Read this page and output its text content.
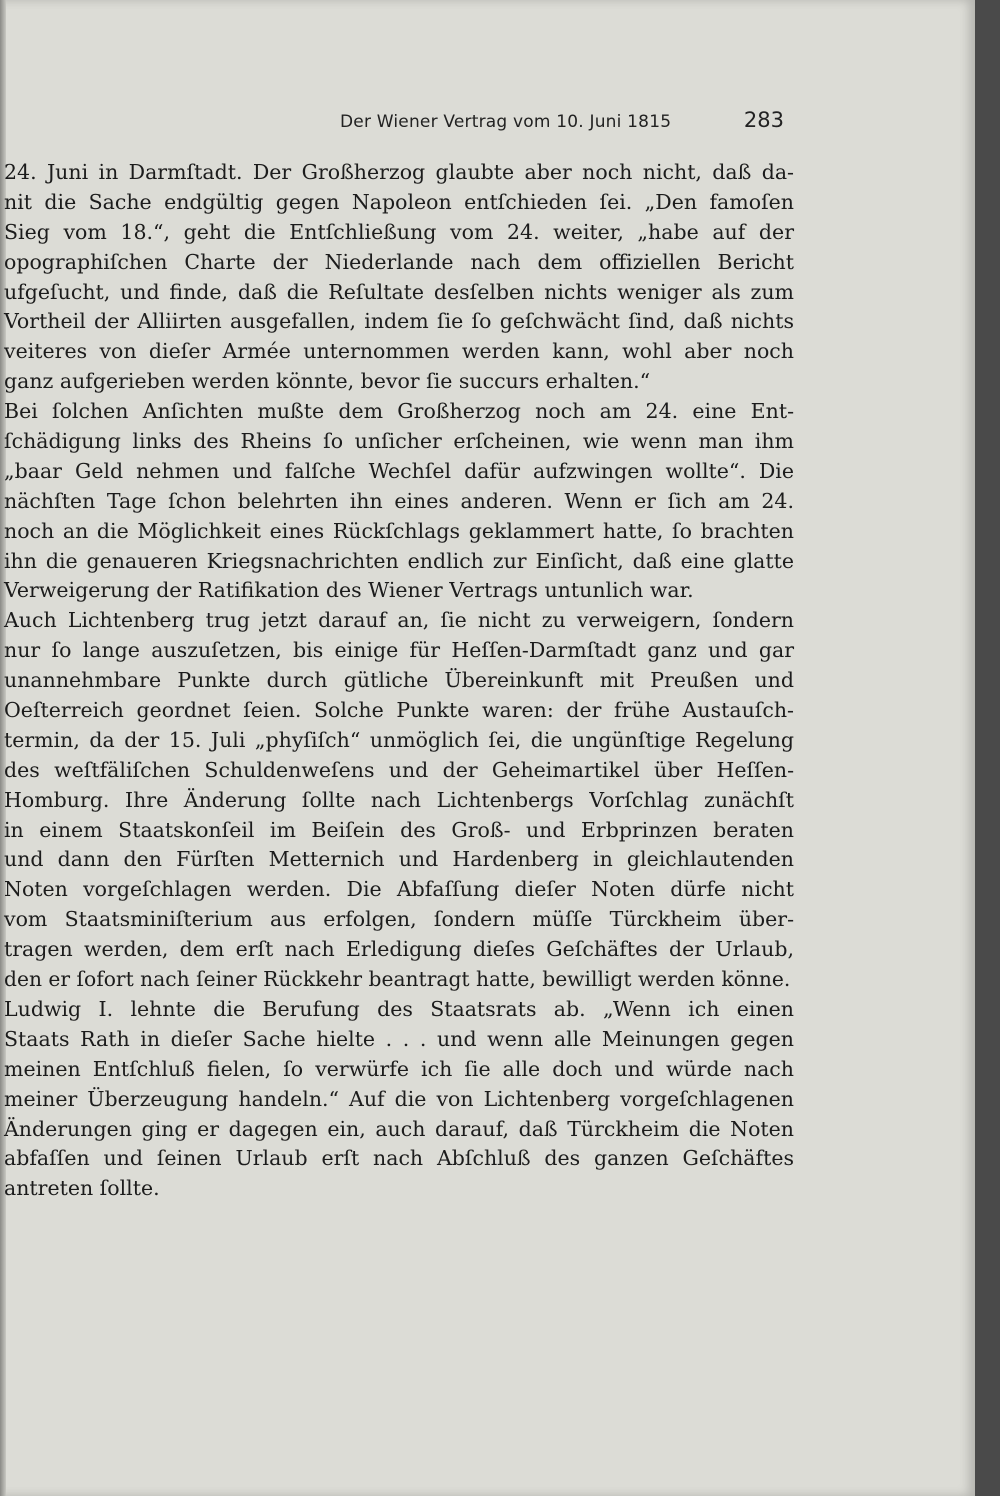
Der Wiener Vertrag vom 10. Juni 1815	283
24. Juni in Darmſtadt. Der Großherzog glaubte aber noch nicht, daß da-
nit die Sache endgültig gegen Napoleon entſchieden ſei. „Den famoſen
Sieg vom 18.“, geht die Entſchließung vom 24. weiter, „habe auf der
opographiſchen Charte der Niederlande nach dem offiziellen Bericht
ufgeſucht, und finde, daß die Reſultate desſelben nichts weniger als zum
Vortheil der Alliirten ausgefallen, indem ſie ſo geſchwächt ſind, daß nichts
veiteres von dieſer Armée unternommen werden kann, wohl aber noch
ganz aufgerieben werden könnte, bevor ſie succurs erhalten.“
Bei ſolchen Anſichten mußte dem Großherzog noch am 24. eine Ent-
ſchädigung links des Rheins ſo unſicher erſcheinen, wie wenn man ihm
„baar Geld nehmen und falſche Wechſel dafür aufzwingen wollte“. Die
nächſten Tage ſchon belehrten ihn eines anderen. Wenn er ſich am 24.
noch an die Möglichkeit eines Rückſchlags geklammert hatte, ſo brachten
ihn die genaueren Kriegsnachrichten endlich zur Einſicht, daß eine glatte
Verweigerung der Ratifikation des Wiener Vertrags untunlich war.
Auch Lichtenberg trug jetzt darauf an, ſie nicht zu verweigern, ſondern
nur ſo lange auszuſetzen, bis einige für Heſſen-Darmſtadt ganz und gar
unannehmbare Punkte durch gütliche Übereinkunft mit Preußen und
Oeſterreich geordnet ſeien. Solche Punkte waren: der frühe Austauſch-
termin, da der 15. Juli „phyſiſch“ unmöglich ſei, die ungünſtige Regelung
des weſtfäliſchen Schuldenweſens und der Geheimartikel über Heſſen-
Homburg. Ihre Änderung ſollte nach Lichtenbergs Vorſchlag zunächſt
in einem Staatskonſeil im Beiſein des Groß- und Erbprinzen beraten
und dann den Fürſten Metternich und Hardenberg in gleichlautenden
Noten vorgeſchlagen werden. Die Abfaſſung dieſer Noten dürfe nicht
vom Staatsminiſterium aus erfolgen, ſondern müſſe Türckheim über-
tragen werden, dem erſt nach Erledigung dieſes Geſchäftes der Urlaub,
den er ſofort nach ſeiner Rückkehr beantragt hatte, bewilligt werden könne.
Ludwig I. lehnte die Berufung des Staatsrats ab. „Wenn ich einen
Staats Rath in dieſer Sache hielte . . . und wenn alle Meinungen gegen
meinen Entſchluß fielen, ſo verwürfe ich ſie alle doch und würde nach
meiner Überzeugung handeln.“ Auf die von Lichtenberg vorgeſchlagenen
Änderungen ging er dagegen ein, auch darauf, daß Türckheim die Noten
abfaſſen und ſeinen Urlaub erſt nach Abſchluß des ganzen Geſchäftes
antreten ſollte.
